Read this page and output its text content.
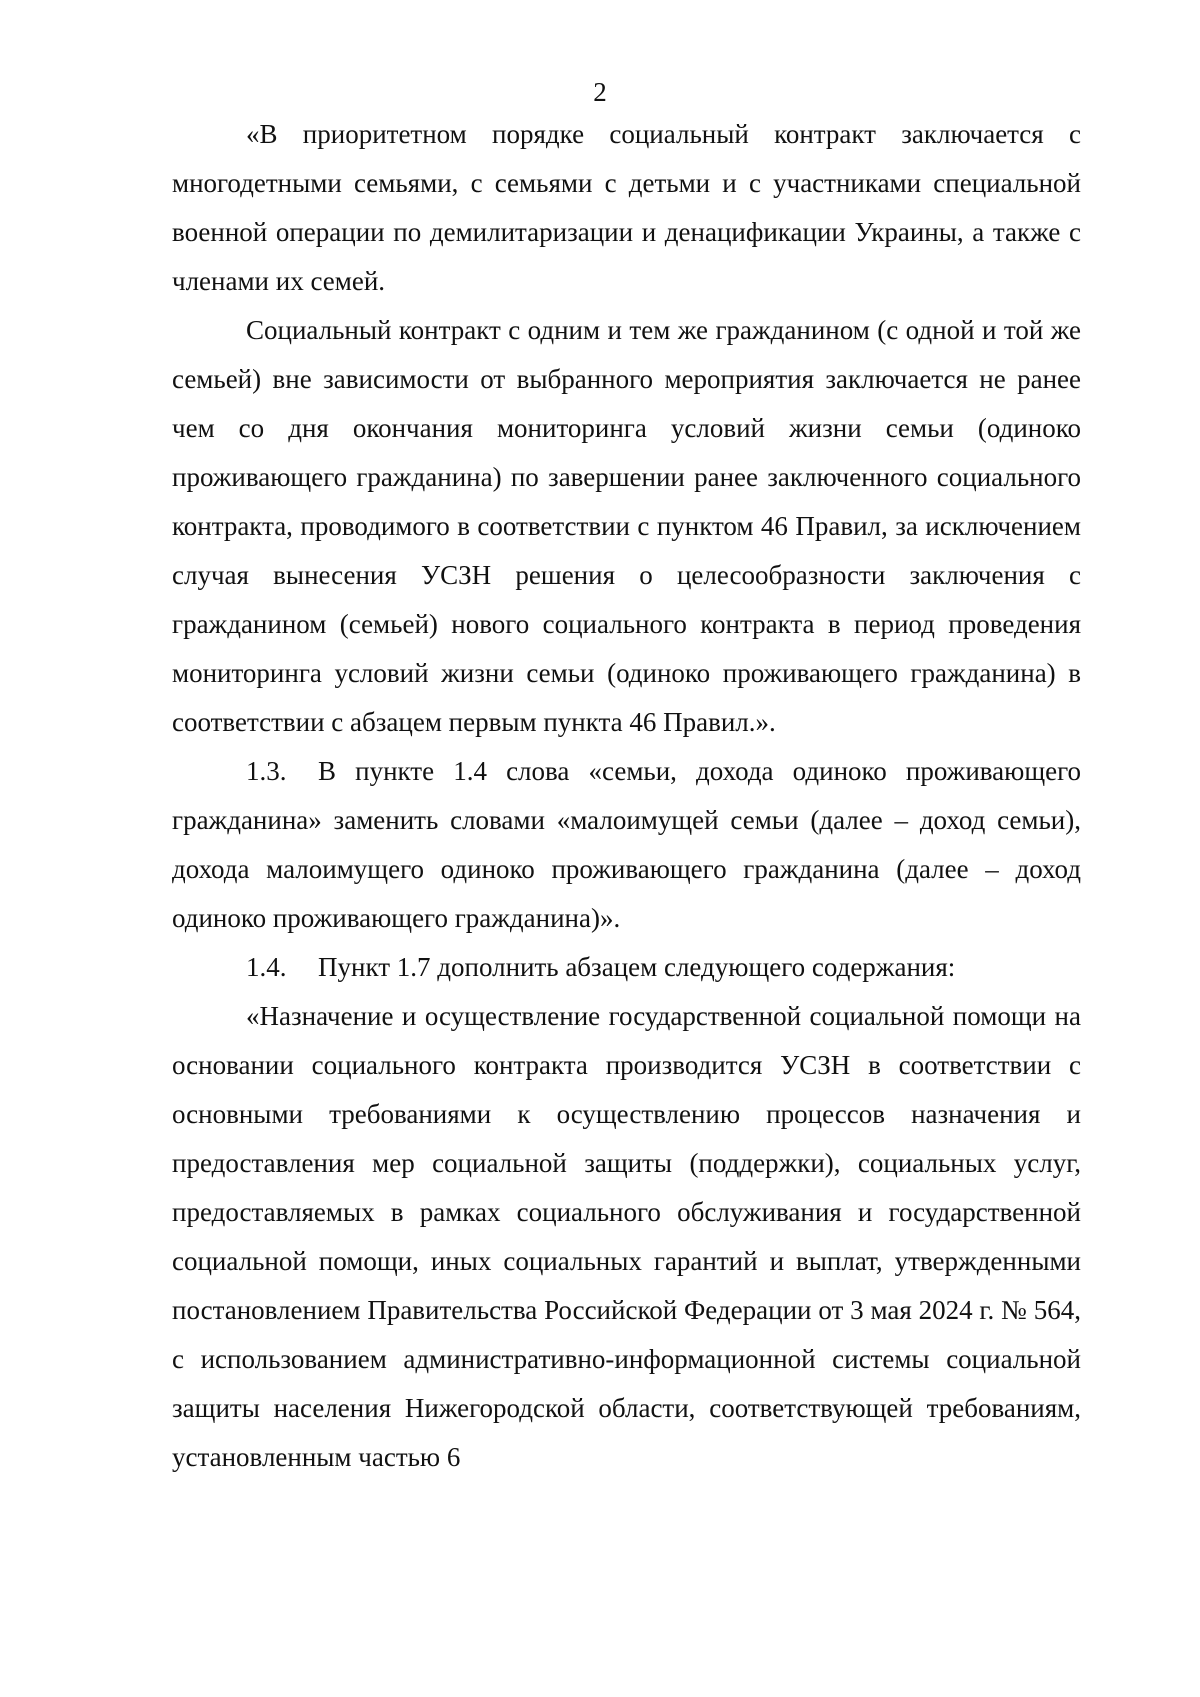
2

«В приоритетном порядке социальный контракт заключается с многодетными семьями, с семьями с детьми и с участниками специальной военной операции по демилитаризации и денацификации Украины, а также с членами их семей.

Социальный контракт с одним и тем же гражданином (с одной и той же семьей) вне зависимости от выбранного мероприятия заключается не ранее чем со дня окончания мониторинга условий жизни семьи (одиноко проживающего гражданина) по завершении ранее заключенного социального контракта, проводимого в соответствии с пунктом 46 Правил, за исключением случая вынесения УСЗН решения о целесообразности заключения с гражданином (семьей) нового социального контракта в период проведения мониторинга условий жизни семьи (одиноко проживающего гражданина) в соответствии с абзацем первым пункта 46 Правил.».

1.3. В пункте 1.4 слова «семьи, дохода одиноко проживающего гражданина» заменить словами «малоимущей семьи (далее – доход семьи), дохода малоимущего одиноко проживающего гражданина (далее – доход одиноко проживающего гражданина)».

1.4. Пункт 1.7 дополнить абзацем следующего содержания:

«Назначение и осуществление государственной социальной помощи на основании социального контракта производится УСЗН в соответствии с основными требованиями к осуществлению процессов назначения и предоставления мер социальной защиты (поддержки), социальных услуг, предоставляемых в рамках социального обслуживания и государственной социальной помощи, иных социальных гарантий и выплат, утвержденными постановлением Правительства Российской Федерации от 3 мая 2024 г. № 564, с использованием административно-информационной системы социальной защиты населения Нижегородской области, соответствующей требованиям, установленным частью 6
